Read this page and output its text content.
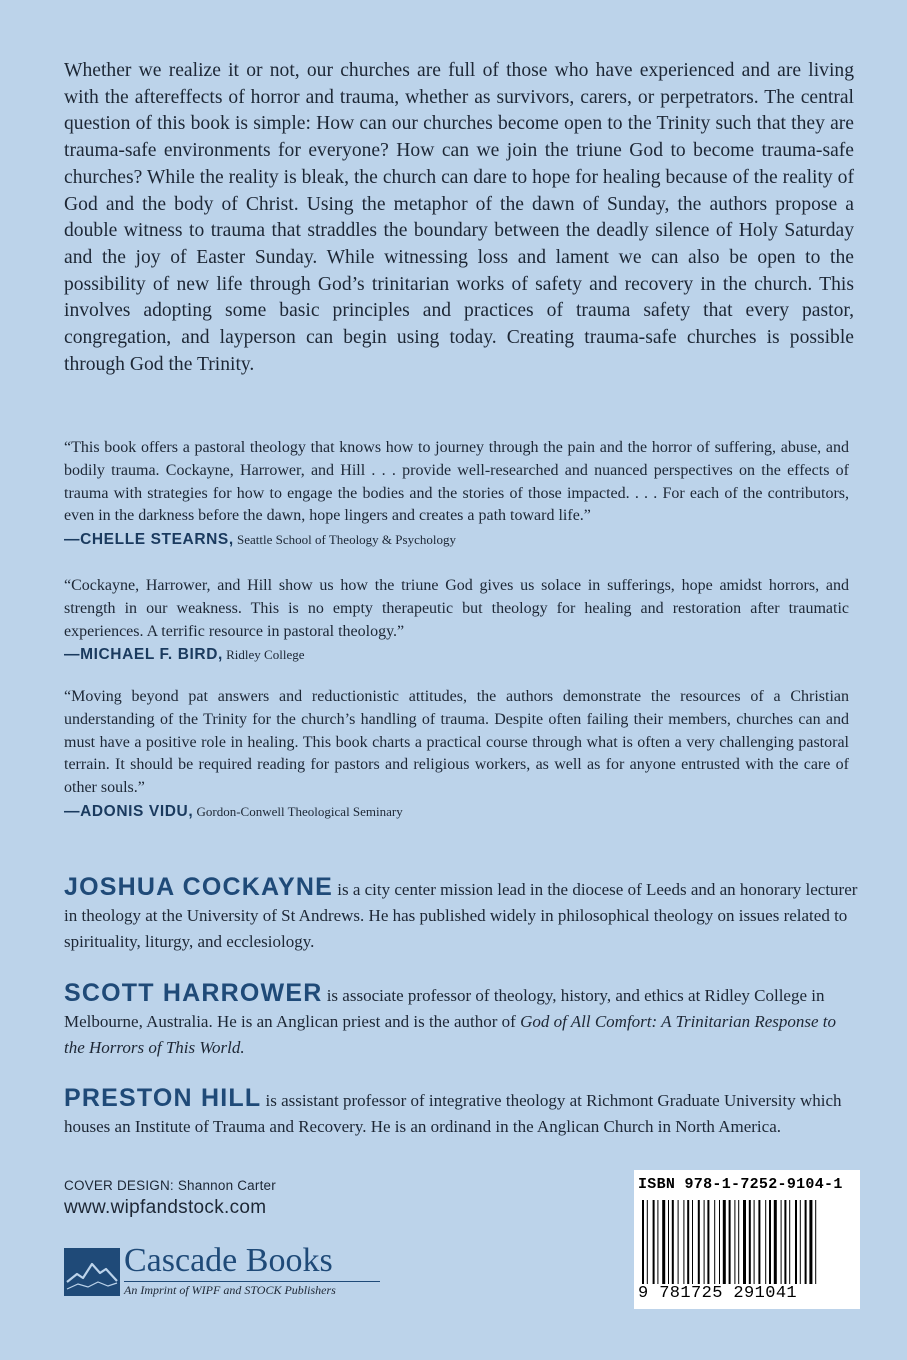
Whether we realize it or not, our churches are full of those who have experienced and are living with the aftereffects of horror and trauma, whether as survivors, carers, or perpetrators. The central question of this book is simple: How can our churches become open to the Trinity such that they are trauma-safe environments for everyone? How can we join the triune God to become trauma-safe churches? While the reality is bleak, the church can dare to hope for healing because of the reality of God and the body of Christ. Using the metaphor of the dawn of Sunday, the authors propose a double witness to trauma that straddles the boundary between the deadly silence of Holy Saturday and the joy of Easter Sunday. While witnessing loss and lament we can also be open to the possibility of new life through God’s trinitarian works of safety and recovery in the church. This involves adopting some basic principles and practices of trauma safety that every pastor, congregation, and layperson can begin using today. Creating trauma-safe churches is possible through God the Trinity.

“This book offers a pastoral theology that knows how to journey through the pain and the horror of suffering, abuse, and bodily trauma. Cockayne, Harrower, and Hill . . . provide well-researched and nuanced perspectives on the effects of trauma with strategies for how to engage the bodies and the stories of those impacted. . . . For each of the contributors, even in the darkness before the dawn, hope lingers and creates a path toward life.”

—CHELLE STEARNS, Seattle School of Theology & Psychology

“Cockayne, Harrower, and Hill show us how the triune God gives us solace in sufferings, hope amidst horrors, and strength in our weakness. This is no empty therapeutic but theology for healing and restoration after traumatic experiences. A terrific resource in pastoral theology.”

—MICHAEL F. BIRD, Ridley College

“Moving beyond pat answers and reductionistic attitudes, the authors demonstrate the resources of a Christian understanding of the Trinity for the church’s handling of trauma. Despite often failing their members, churches can and must have a positive role in healing. This book charts a practical course through what is often a very challenging pastoral terrain. It should be required reading for pastors and religious workers, as well as for anyone entrusted with the care of other souls.”

—ADONIS VIDU, Gordon-Conwell Theological Seminary

JOSHUA COCKAYNE is a city center mission lead in the diocese of Leeds and an honorary lecturer in theology at the University of St Andrews. He has published widely in philosophical theology on issues related to spirituality, liturgy, and ecclesiology.

SCOTT HARROWER is associate professor of theology, history, and ethics at Ridley College in Melbourne, Australia. He is an Anglican priest and is the author of God of All Comfort: A Trinitarian Response to the Horrors of This World.

PRESTON HILL is assistant professor of integrative theology at Richmont Graduate University which houses an Institute of Trauma and Recovery. He is an ordinand in the Anglican Church in North America.

COVER DESIGN: Shannon Carter

www.wipfandstock.com

Cascade Books
An Imprint of WIPF and STOCK Publishers
ISBN 978-1-7252-9104-1
9 781725 291041
